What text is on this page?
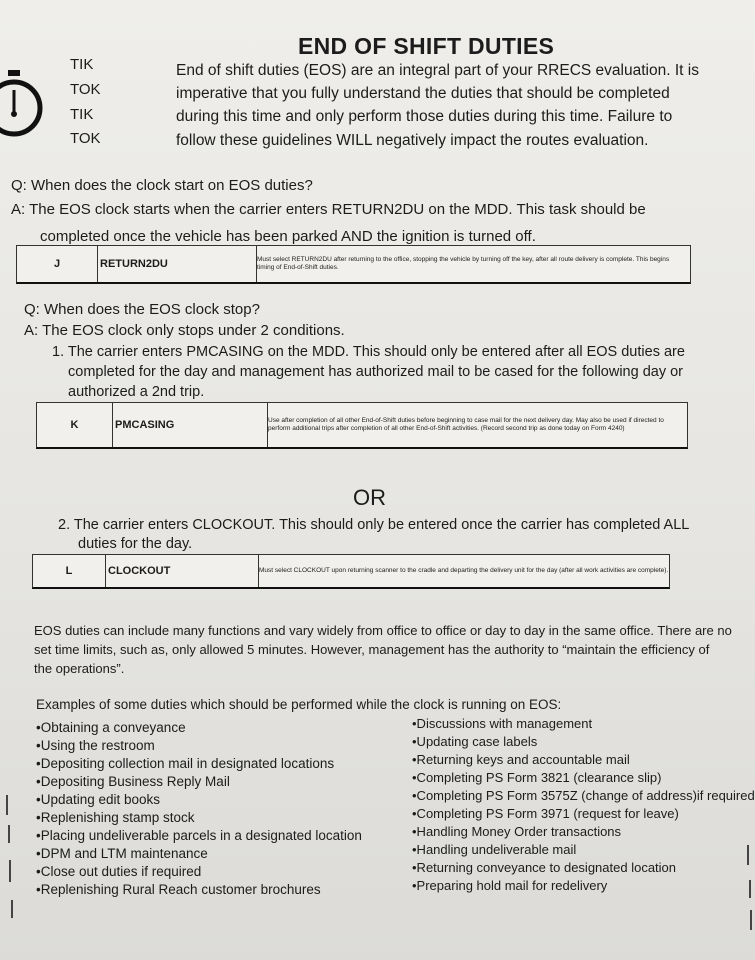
END OF SHIFT DUTIES
TIK
TOK
TIK
TOK
End of shift duties (EOS) are an integral part of your RRECS evaluation. It is
imperative that you fully understand the duties that should be completed
during this time and only perform those duties during this time. Failure to
follow these guidelines WILL negatively impact the routes evaluation.
Q: When does the clock start on EOS duties?
A: The EOS clock starts when the carrier enters RETURN2DU on the MDD. This task should be
completed once the vehicle has been parked AND the ignition is turned off.
J	RETURN2DU	Must select RETURN2DU after returning to the office, stopping the vehicle by turning off the key, after all route delivery is complete. This begins timing of End-of-Shift duties.
Q: When does the EOS clock stop?
A: The EOS clock only stops under 2 conditions.
1. The carrier enters PMCASING on the MDD. This should only be entered after all EOS duties are
completed for the day and management has authorized mail to be cased for the following day or
authorized a 2nd trip.
K	PMCASING	Use after completion of all other End-of-Shift duties before beginning to case mail for the next delivery day. May also be used if directed to perform additional trips after completion of all other End-of-Shift activities. (Record second trip as done today on Form 4240)
OR
2. The carrier enters CLOCKOUT. This should only be entered once the carrier has completed ALL
duties for the day.
L	CLOCKOUT	Must select CLOCKOUT upon returning scanner to the cradle and departing the delivery unit for the day (after all work activities are complete).
EOS duties can include many functions and vary widely from office to office or day to day in the same office. There are no
set time limits, such as, only allowed 5 minutes. However, management has the authority to “maintain the efficiency of
the operations”.
Examples of some duties which should be performed while the clock is running on EOS:
•Obtaining a conveyance
•Using the restroom
•Depositing collection mail in designated locations
•Depositing Business Reply Mail
•Updating edit books
•Replenishing stamp stock
•Placing undeliverable parcels in a designated location
•DPM and LTM maintenance
•Close out duties if required
•Replenishing Rural Reach customer brochures
•Discussions with management
•Updating case labels
•Returning keys and accountable mail
•Completing PS Form 3821 (clearance slip)
•Completing PS Form 3575Z (change of address)if required
•Completing PS Form 3971 (request for leave)
•Handling Money Order transactions
•Handling undeliverable mail
•Returning conveyance to designated location
•Preparing hold mail for redelivery
